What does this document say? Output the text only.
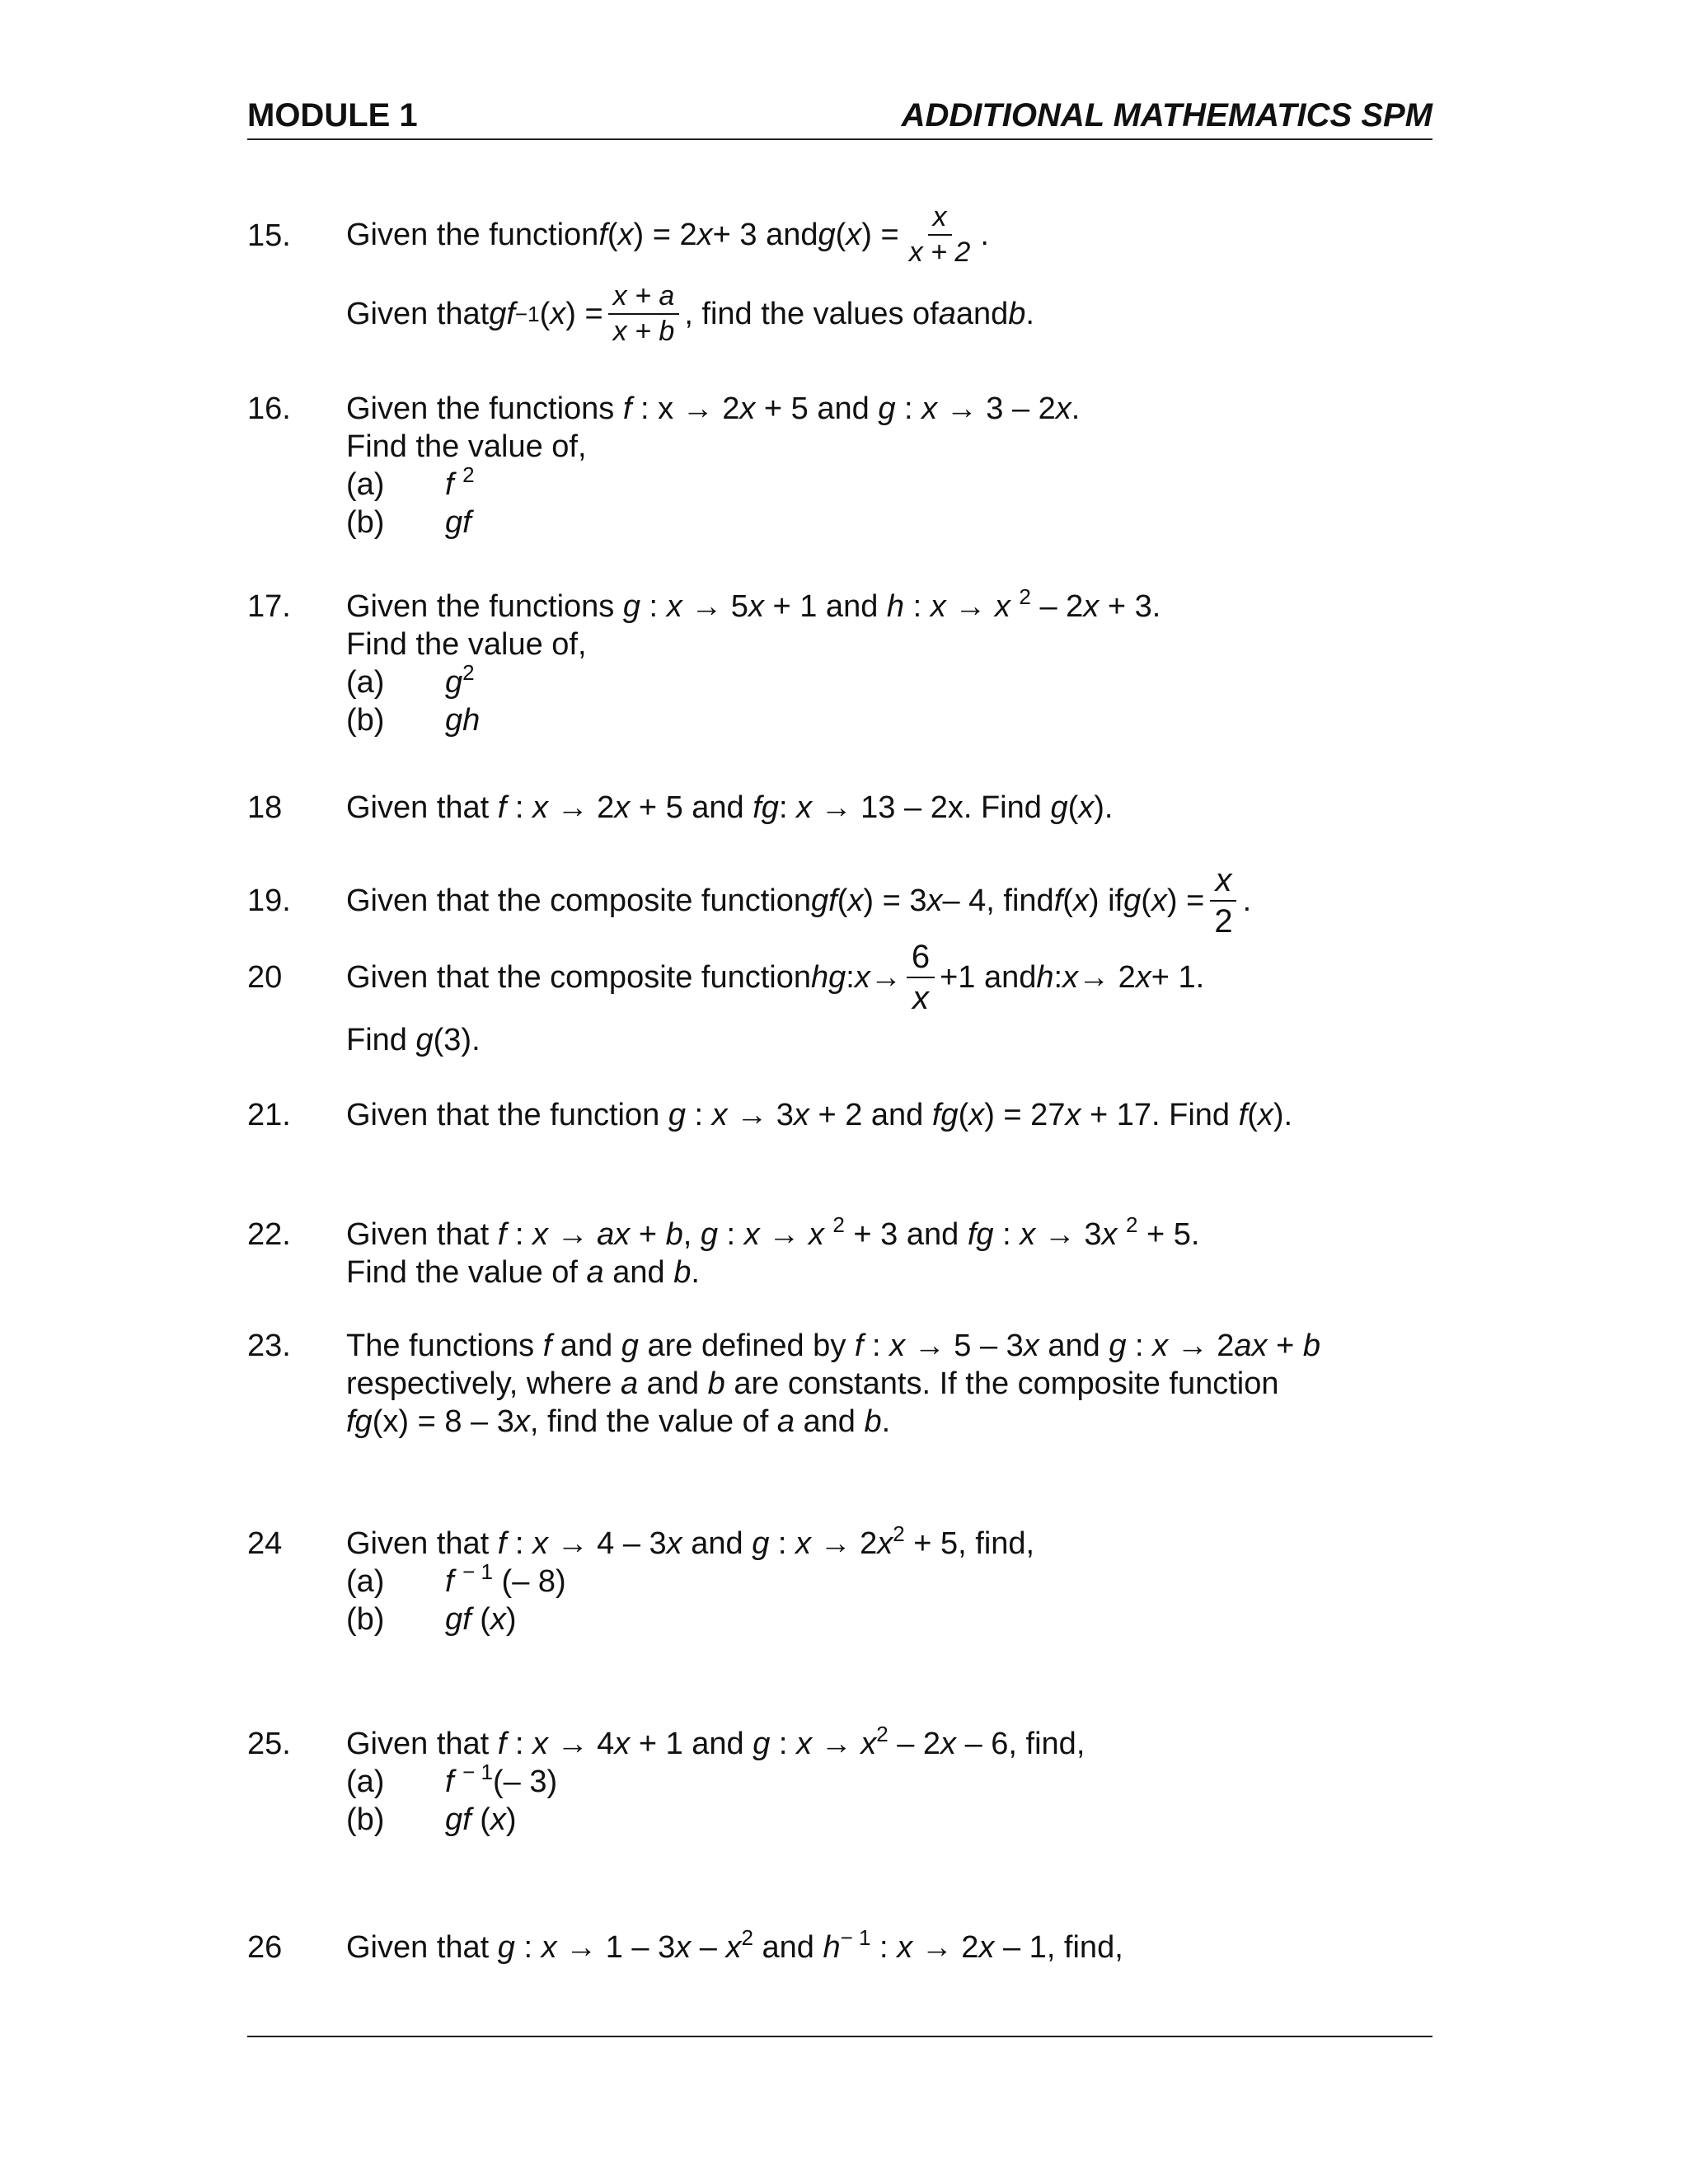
MODULE 1	ADDITIONAL MATHEMATICS SPM
15. Given the function f ( x ) = 2 x + 3 and g ( x ) = $\frac{x}{x + 2}$ .
Given that gf −1 ( x ) = $\frac{x + a}{x + b}$ , find the values of a and b .
16. Given the functions f : x → 2x + 5 and g : x → 3 – 2x.
Find the value of,
(a)	f $^2$
(b)	gf
17. Given the functions g : x → 5x + 1 and h : x → x $^2$ – 2x + 3.
Find the value of,
(a)	$g^2$
(b)	gh
18 Given that f : x → 2x + 5 and fg: x → 13 – 2x. Find g(x).
19. Given that the composite function gf ( x ) = 3 x – 4, find f ( x ) if g ( x ) = $\frac{x}{2}$ .
20 Given that the composite function hg : $x \to \frac{6}{x} +1$ and h : x → 2 x + 1.
Find g(3).
21. Given that the function g : x → 3x + 2 and fg(x) = 27x + 17. Find f(x).
22. Given that f : x → ax + b, g : x → x $^2$ + 3 and fg : x → 3x $^2$ + 5.
Find the value of a and b.
23. The functions f and g are defined by f : x → 5 – 3x and g : x → 2ax + b
respectively, where a and b are constants. If the composite function
fg(x) = 8 – 3x, find the value of a and b.
24 Given that f : x → 4 – 3x and g : $x \to 2x^2 + 5$, find,
(a)	f $^{- 1}$ (– 8)
(b)	gf (x)
25. Given that f : x → 4x + 1 and g : $x \to x^2 - 2x - 6$, find,
(a)	f $^{- 1}$(– 3)
(b)	gf (x)
26 Given that g : $x \to 1 - 3x - x^2$ and $h^{- 1}$ : x → 2x – 1, find,
